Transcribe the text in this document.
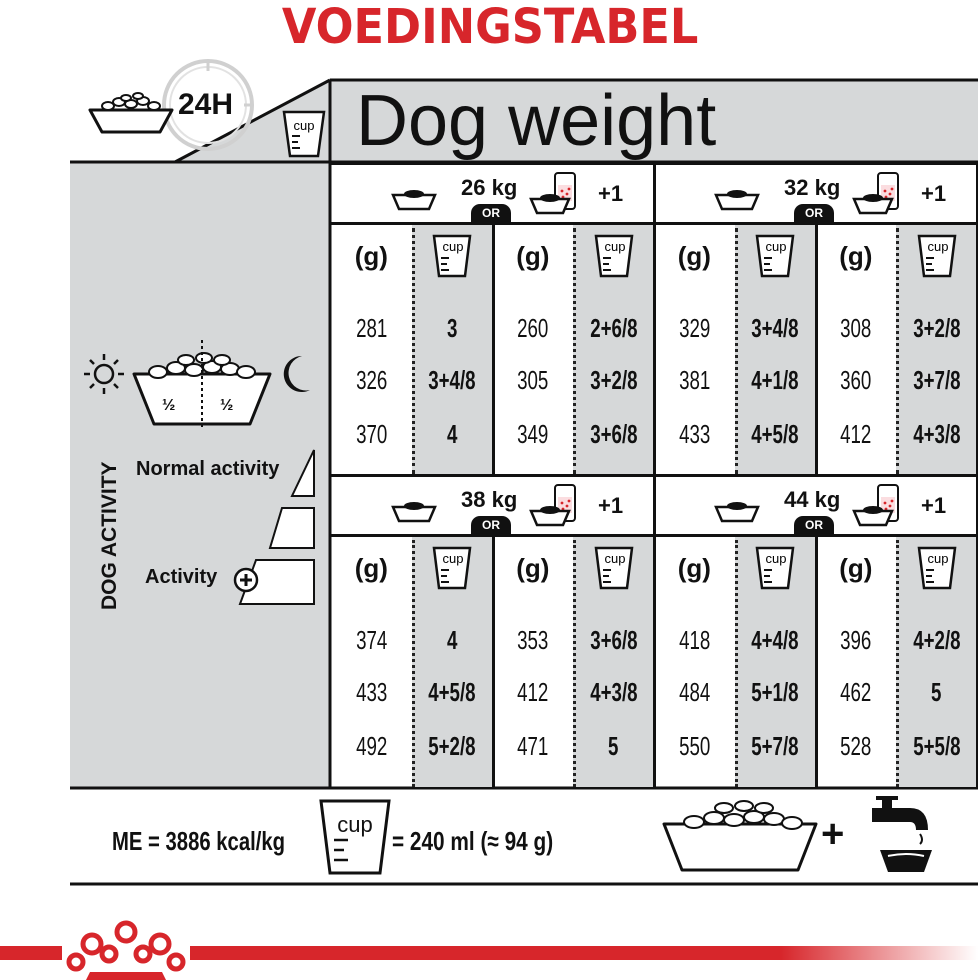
VOEDINGSTABEL
24H
cup Dog weight
½	½
DOG ACTIVITY Normal activity
Activity
26 kg
OR
+1
(g)	cup	(g)	cup
281 3 260 2+6/8
326 3+4/8 305 3+2/8
370 4 349 3+6/8
32 kg
OR
+1
(g)	cup	(g)	cup
329 3+4/8 308 3+2/8
381 4+1/8 360 3+7/8
433 4+5/8 412 4+3/8
38 kg
OR
+1
(g)	cup	(g)	cup
374 4 353 3+6/8
433 4+5/8 412 4+3/8
492 5+2/8 471 5
44 kg
OR
+1
(g)	cup	(g)	cup
418 4+4/8 396 4+2/8
484 5+1/8 462 5
550 5+7/8 528 5+5/8
ME = 3886 kcal/kg
cup
= 240 ml (≈ 94 g)	+
